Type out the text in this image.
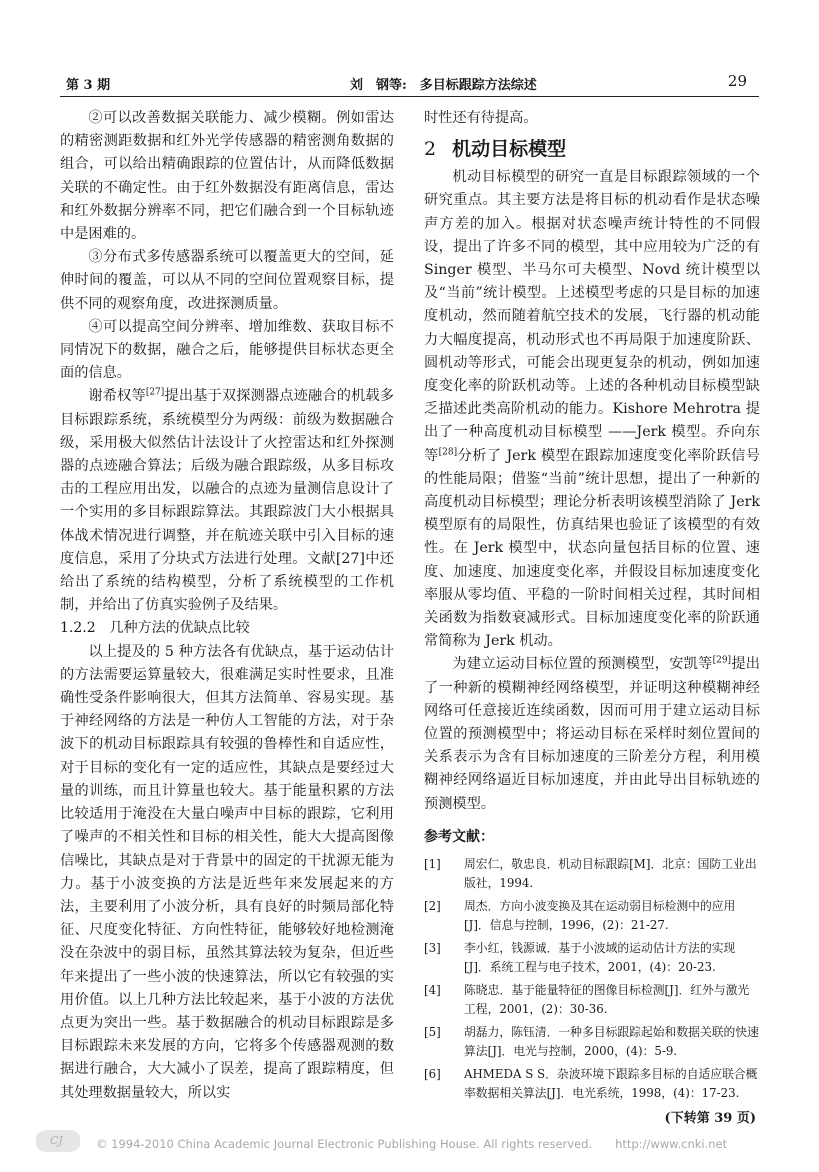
第 3 期	刘　钢等:　多目标跟踪方法综述	29

②可以改善数据关联能力、减少模糊。例如雷达的精密测距数据和红外光学传感器的精密测角数据的组合，可以给出精确跟踪的位置估计，从而降低数据关联的不确定性。由于红外数据没有距离信息，雷达和红外数据分辨率不同，把它们融合到一个目标轨迹中是困难的。

③分布式多传感器系统可以覆盖更大的空间，延伸时间的覆盖，可以从不同的空间位置观察目标，提供不同的观察角度，改进探测质量。

④可以提高空间分辨率、增加维数、获取目标不同情况下的数据，融合之后，能够提供目标状态更全面的信息。

谢希权等[27]提出基于双探测器点迹融合的机载多目标跟踪系统，系统模型分为两级：前级为数据融合级，采用极大似然估计法设计了火控雷达和红外探测器的点迹融合算法；后级为融合跟踪级，从多目标攻击的工程应用出发，以融合的点迹为量测信息设计了一个实用的多目标跟踪算法。其跟踪波门大小根据具体战术情况进行调整，并在航迹关联中引入目标的速度信息，采用了分块式方法进行处理。文献[27]中还给出了系统的结构模型，分析了系统模型的工作机制，并给出了仿真实验例子及结果。

1.2.2　几种方法的优缺点比较

以上提及的 5 种方法各有优缺点，基于运动估计的方法需要运算量较大，很难满足实时性要求，且准确性受条件影响很大，但其方法简单、容易实现。基于神经网络的方法是一种仿人工智能的方法，对于杂波下的机动目标跟踪具有较强的鲁棒性和自适应性，对于目标的变化有一定的适应性，其缺点是要经过大量的训练，而且计算量也较大。基于能量积累的方法比较适用于淹没在大量白噪声中目标的跟踪，它利用了噪声的不相关性和目标的相关性，能大大提高图像信噪比，其缺点是对于背景中的固定的干扰源无能为力。基于小波变换的方法是近些年来发展起来的方法，主要利用了小波分析，具有良好的时频局部化特征、尺度变化特征、方向性特征，能够较好地检测淹没在杂波中的弱目标，虽然其算法较为复杂，但近些年来提出了一些小波的快速算法，所以它有较强的实用价值。以上几种方法比较起来，基于小波的方法优点更为突出一些。基于数据融合的机动目标跟踪是多目标跟踪未来发展的方向，它将多个传感器观测的数据进行融合，大大减小了误差，提高了跟踪精度，但其处理数据量较大，所以实

时性还有待提高。

2 机动目标模型

机动目标模型的研究一直是目标跟踪领域的一个研究重点。其主要方法是将目标的机动看作是状态噪声方差的加入。根据对状态噪声统计特性的不同假设，提出了许多不同的模型，其中应用较为广泛的有 Singer 模型、半马尔可夫模型、Novd 统计模型以及“当前”统计模型。上述模型考虑的只是目标的加速度机动，然而随着航空技术的发展，飞行器的机动能力大幅度提高，机动形式也不再局限于加速度阶跃、圆机动等形式，可能会出现更复杂的机动，例如加速度变化率的阶跃机动等。上述的各种机动目标模型缺乏描述此类高阶机动的能力。Kishore Mehrotra 提出了一种高度机动目标模型 ——Jerk 模型。乔向东等[28]分析了 Jerk 模型在跟踪加速度变化率阶跃信号的性能局限；借鉴“当前”统计思想，提出了一种新的高度机动目标模型；理论分析表明该模型消除了 Jerk 模型原有的局限性，仿真结果也验证了该模型的有效性。在 Jerk 模型中，状态向量包括目标的位置、速度、加速度、加速度变化率，并假设目标加速度变化率服从零均值、平稳的一阶时间相关过程，其时间相关函数为指数衰减形式。目标加速度变化率的阶跃通常简称为 Jerk 机动。

为建立运动目标位置的预测模型，安凯等[29]提出了一种新的模糊神经网络模型，并证明这种模糊神经网络可任意接近连续函数，因而可用于建立运动目标位置的预测模型中；将运动目标在采样时刻位置间的关系表示为含有目标加速度的三阶差分方程，利用模糊神经网络逼近目标加速度，并由此导出目标轨迹的预测模型。

参考文献：
[1] 周宏仁，敬忠良．机动目标跟踪[M]．北京：国防工业出版社，1994.
[2] 周杰．方向小波变换及其在运动弱目标检测中的应用[J]．信息与控制，1996，(2)：21-27.
[3] 李小红，钱源诚．基于小波域的运动估计方法的实现[J]．系统工程与电子技术，2001，(4)：20-23.
[4] 陈晓忠．基于能量特征的图像目标检测[J]．红外与激光工程，2001，(2)：30-36.
[5] 胡磊力，陈钰清．一种多目标跟踪起始和数据关联的快速算法[J]．电光与控制，2000，(4)：5-9.
[6] AHMEDA S S．杂波环境下跟踪多目标的自适应联合概率数据相关算法[J]．电光系统，1998，(4)：17-23.
(下转第 39 页)
CJ	© 1994-2010 China Academic Journal Electronic Publishing House. All rights reserved.　　http://www.cnki.net
